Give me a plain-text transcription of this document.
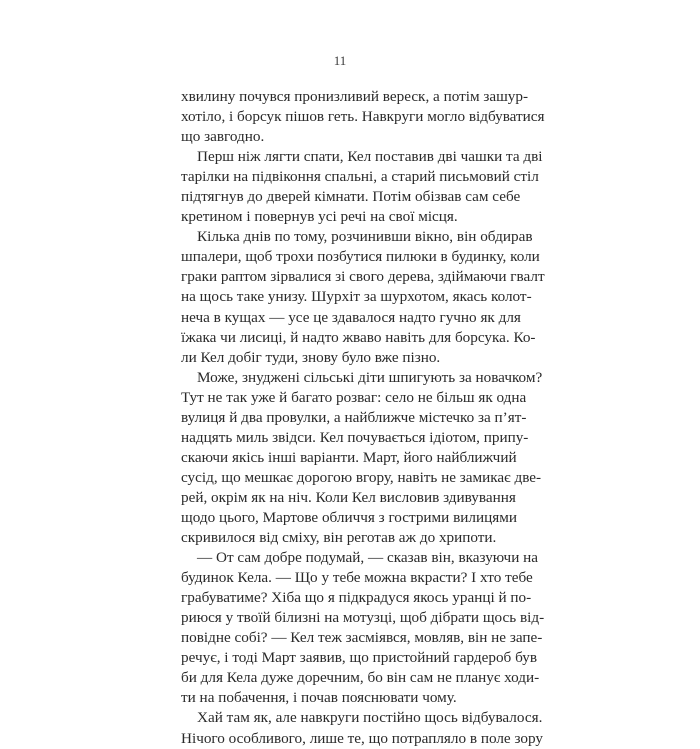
11
хвилину почувся пронизливий вереск, а потім зашур-
хотіло, і борсук пішов геть. Навкруги могло відбуватися
що завгодно.
Перш ніж лягти спати, Кел поставив дві чашки та дві
тарілки на підвіконня спальні, а старий письмовий стіл
підтягнув до дверей кімнати. Потім обізвав сам себе
кретином і повернув усі речі на свої місця.
Кілька днів по тому, розчинивши вікно, він обдирав
шпалери, щоб трохи позбутися пилюки в будинку, коли
граки раптом зірвалися зі свого дерева, здіймаючи гвалт
на щось таке унизу. Шурхіт за шурхотом, якась колот-
неча в кущах — усе це здавалося надто гучно як для
їжака чи лисиці, й надто жваво навіть для борсука. Ко-
ли Кел добіг туди, знову було вже пізно.
Може, знуджені сільські діти шпигують за новачком?
Тут не так уже й багато розваг: село не більш як одна
вулиця й два провулки, а найближче містечко за п’ят-
надцять миль звідси. Кел почувається ідіотом, припу-
скаючи якісь інші варіанти. Март, його найближчий
сусід, що мешкає дорогою вгору, навіть не замикає две-
рей, окрім як на ніч. Коли Кел висловив здивування
щодо цього, Мартове обличчя з гострими вилицями
скривилося від сміху, він реготав аж до хрипоти.
— От сам добре подумай, — сказав він, вказуючи на
будинок Кела. — Що у тебе можна вкрасти? І хто тебе
грабуватиме? Хіба що я підкрадуся якось уранці й по-
риюся у твоїй білизні на мотузці, щоб дібрати щось від-
повідне собі? — Кел теж засміявся, мовляв, він не запе-
речує, і тоді Март заявив, що пристойний гардероб був
би для Кела дуже доречним, бо він сам не планує ходи-
ти на побачення, і почав пояснювати чому.
Хай там як, але навкруги постійно щось відбувалося.
Нічого особливого, лише те, що потрапляло в поле зору
